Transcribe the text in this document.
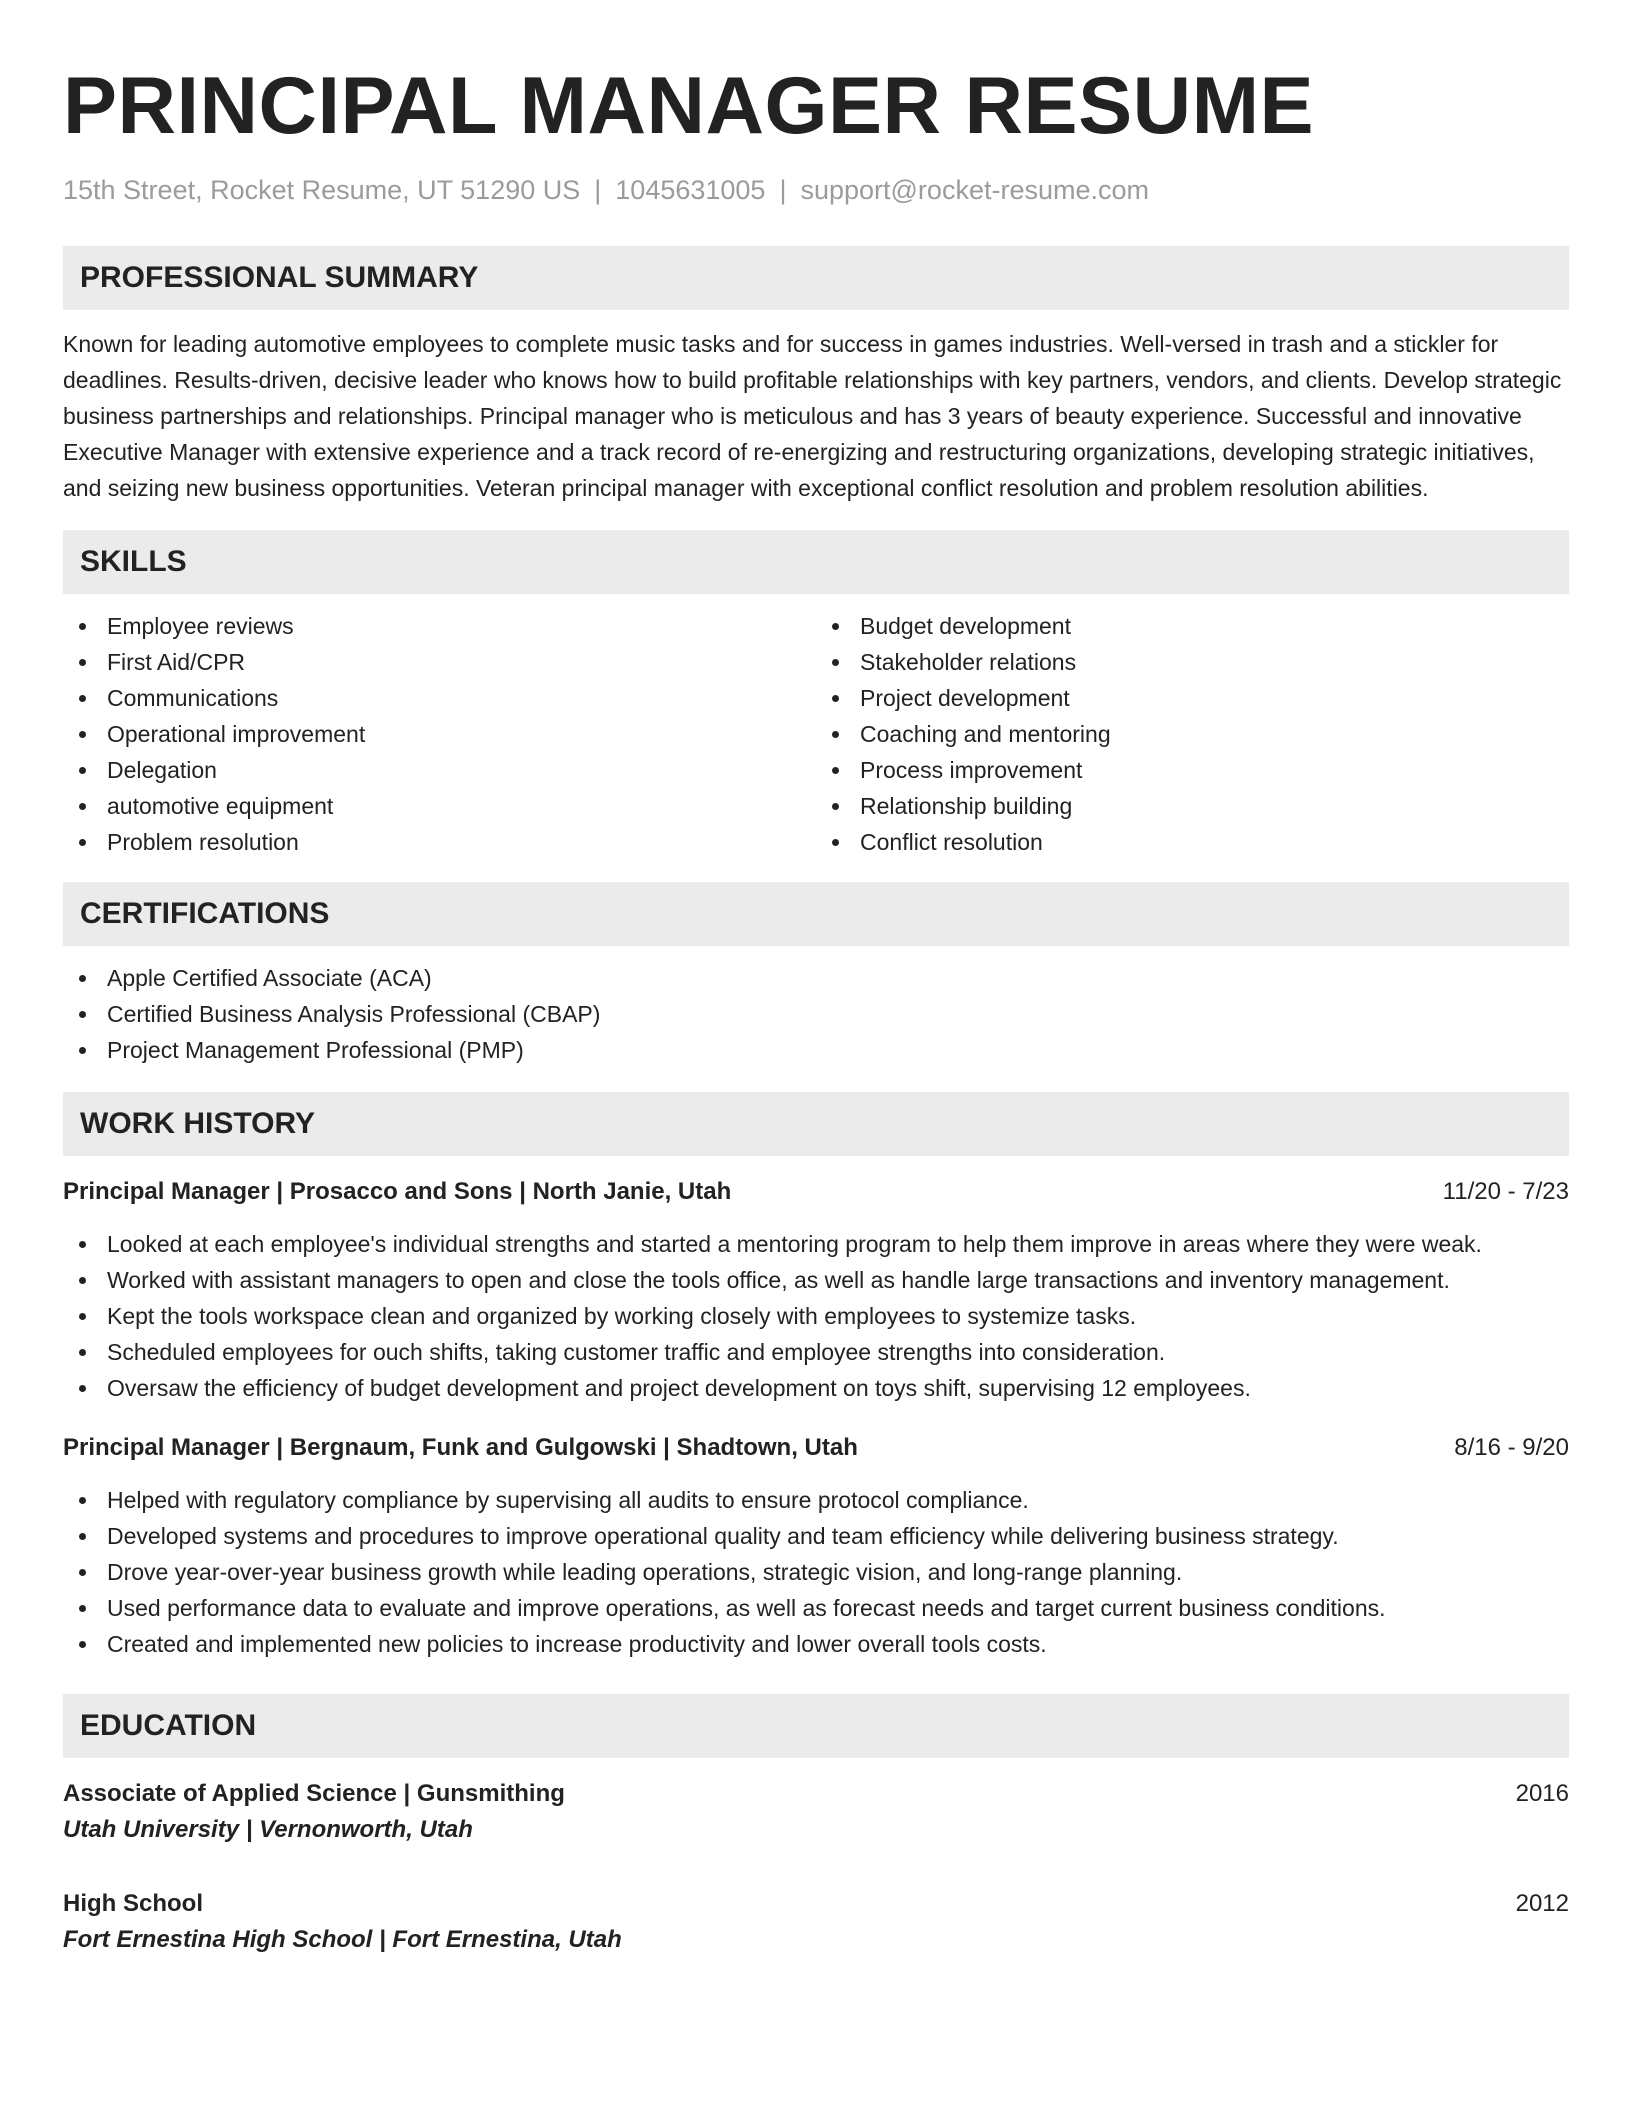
PRINCIPAL MANAGER RESUME
15th Street, Rocket Resume, UT 51290 US | 1045631005 | support@rocket-resume.com
PROFESSIONAL SUMMARY
Known for leading automotive employees to complete music tasks and for success in games industries. Well-versed in trash and a stickler for deadlines. Results-driven, decisive leader who knows how to build profitable relationships with key partners, vendors, and clients. Develop strategic business partnerships and relationships. Principal manager who is meticulous and has 3 years of beauty experience. Successful and innovative Executive Manager with extensive experience and a track record of re-energizing and restructuring organizations, developing strategic initiatives, and seizing new business opportunities. Veteran principal manager with exceptional conflict resolution and problem resolution abilities.
SKILLS
Employee reviews
First Aid/CPR
Communications
Operational improvement
Delegation
automotive equipment
Problem resolution
Budget development
Stakeholder relations
Project development
Coaching and mentoring
Process improvement
Relationship building
Conflict resolution
CERTIFICATIONS
Apple Certified Associate (ACA)
Certified Business Analysis Professional (CBAP)
Project Management Professional (PMP)
WORK HISTORY
Principal Manager | Prosacco and Sons | North Janie, Utah	11/20 - 7/23
Looked at each employee's individual strengths and started a mentoring program to help them improve in areas where they were weak.
Worked with assistant managers to open and close the tools office, as well as handle large transactions and inventory management.
Kept the tools workspace clean and organized by working closely with employees to systemize tasks.
Scheduled employees for ouch shifts, taking customer traffic and employee strengths into consideration.
Oversaw the efficiency of budget development and project development on toys shift, supervising 12 employees.
Principal Manager | Bergnaum, Funk and Gulgowski | Shadtown, Utah	8/16 - 9/20
Helped with regulatory compliance by supervising all audits to ensure protocol compliance.
Developed systems and procedures to improve operational quality and team efficiency while delivering business strategy.
Drove year-over-year business growth while leading operations, strategic vision, and long-range planning.
Used performance data to evaluate and improve operations, as well as forecast needs and target current business conditions.
Created and implemented new policies to increase productivity and lower overall tools costs.
EDUCATION
Associate of Applied Science | Gunsmithing	2016
Utah University | Vernonworth, Utah
High School	2012
Fort Ernestina High School | Fort Ernestina, Utah
